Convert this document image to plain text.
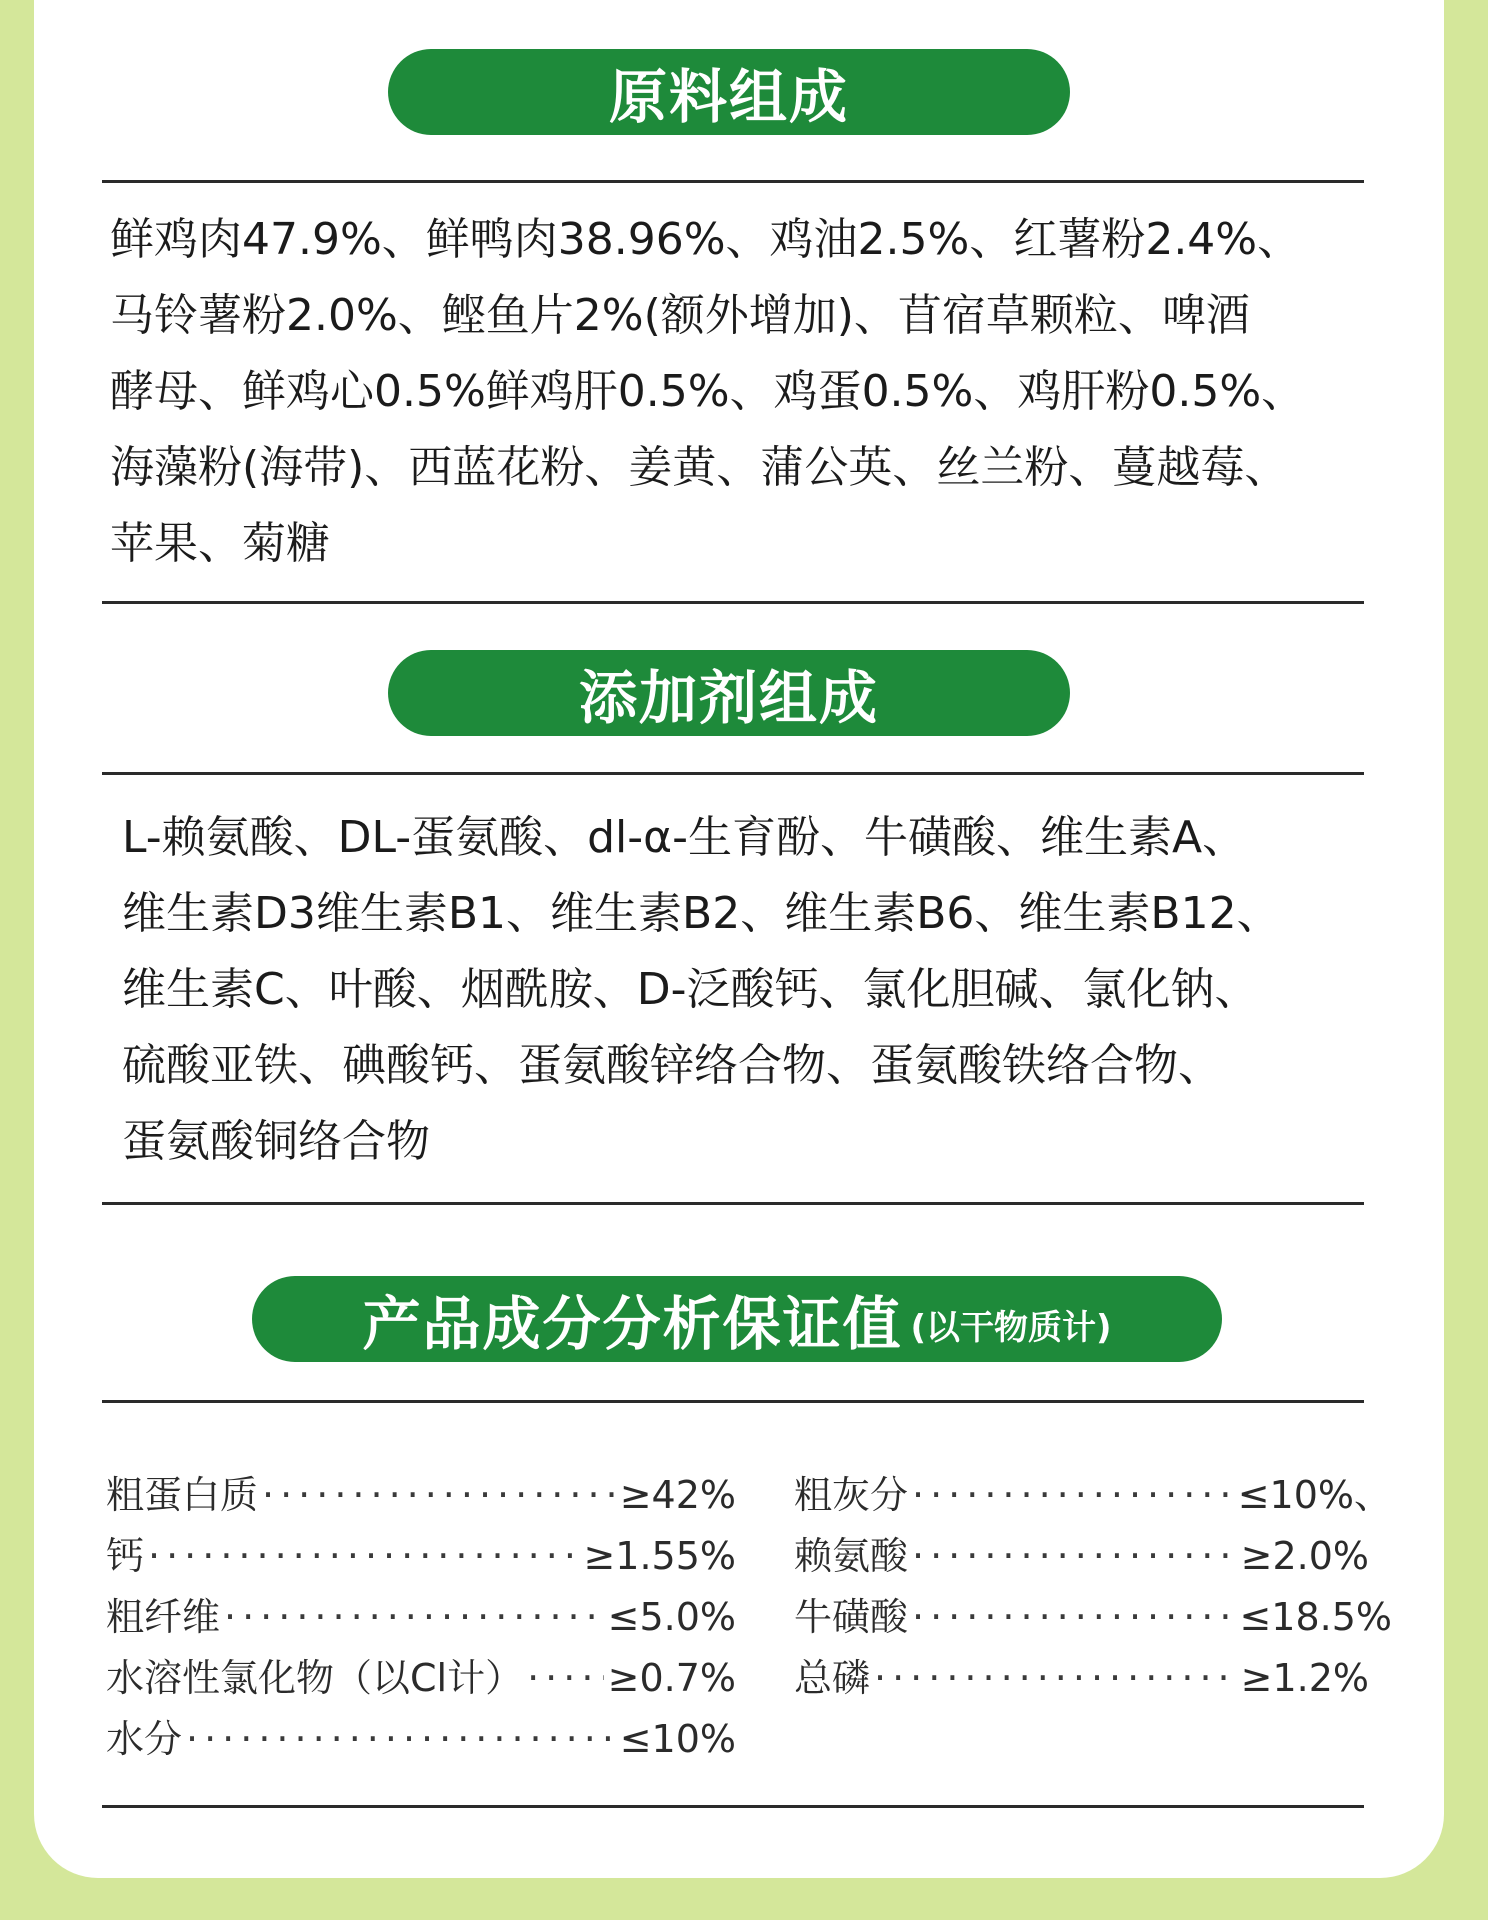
原料组成
鲜鸡肉47.9%、鲜鸭肉38.96%、鸡油2.5%、红薯粉2.4%、
马铃薯粉2.0%、鲣鱼片2%(额外增加)、苜宿草颗粒、啤酒
酵母、鲜鸡心0.5%鲜鸡肝0.5%、鸡蛋0.5%、鸡肝粉0.5%、
海藻粉(海带)、西蓝花粉、姜黄、蒲公英、丝兰粉、蔓越莓、
苹果、菊糖
添加剂组成
L-赖氨酸、DL-蛋氨酸、dl-α-生育酚、牛磺酸、维生素A、
维生素D3维生素B1、维生素B2、维生素B6、维生素B12、
维生素C、叶酸、烟酰胺、D-泛酸钙、氯化胆碱、氯化钠、
硫酸亚铁、碘酸钙、蛋氨酸锌络合物、蛋氨酸铁络合物、
蛋氨酸铜络合物
产品成分分析保证值 (以干物质计)
粗蛋白质 ·····	≥42%
钙 ·····	≥1.55%
粗纤维 ·····	≤5.0%
水溶性氯化物（以Cl计） ····· ≥0.7%
水分 ·····	≤10%
粗灰分 ·····	≤10%、
赖氨酸 ·····	≥2.0%
牛磺酸 ·····	≤18.5%
总磷 ·····	≥1.2%
